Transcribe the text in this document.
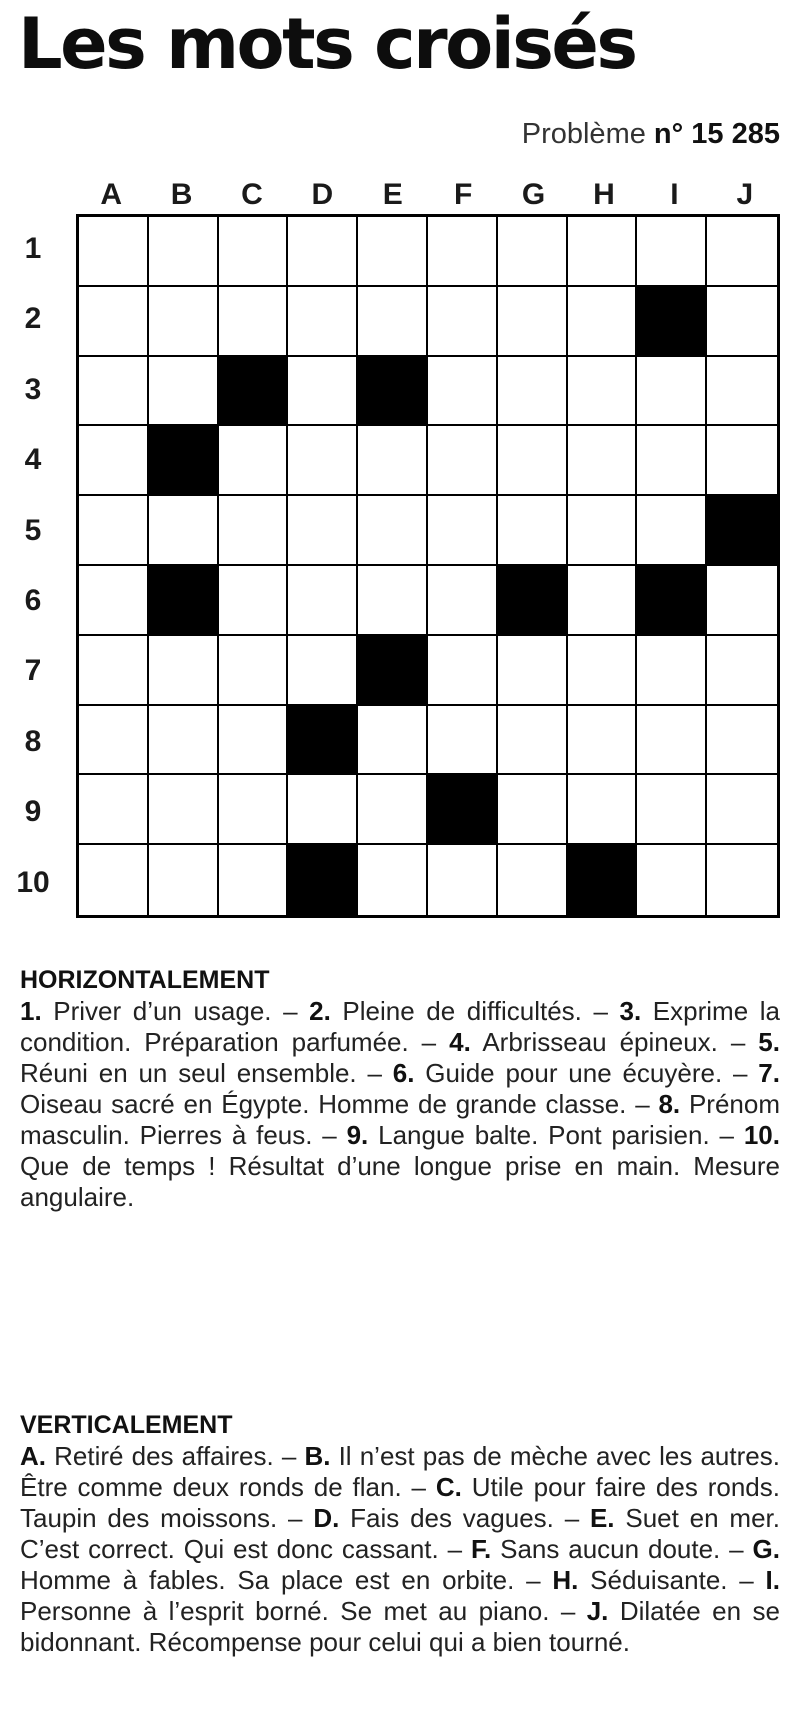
Les mots croisés
Problème n° 15 285
A	B	C	D	E	F	G	H	I	J
1
2
3
4
5
6
7
8
9
10
HORIZONTALEMENT

1. Priver d’un usage. – 2. Pleine de difficultés. – 3. Exprime la condition. Préparation parfumée. – 4. Arbrisseau épineux. – 5. Réuni en un seul ensemble. – 6. Guide pour une écuyère. – 7. Oiseau sacré en Égypte. Homme de grande classe. – 8. Prénom masculin. Pierres à feus. – 9. Langue balte. Pont parisien. – 10. Que de temps ! Résultat d’une longue prise en main. Mesure angulaire.

VERTICALEMENT

A. Retiré des affaires. – B. Il n’est pas de mèche avec les autres. Être comme deux ronds de flan. – C. Utile pour faire des ronds. Taupin des moissons. – D. Fais des vagues. – E. Suet en mer. C’est correct. Qui est donc cassant. – F. Sans aucun doute. – G. Homme à fables. Sa place est en orbite. – H. Séduisante. – I. Personne à l’esprit borné. Se met au piano. – J. Dilatée en se bidonnant. Récompense pour celui qui a bien tourné.
